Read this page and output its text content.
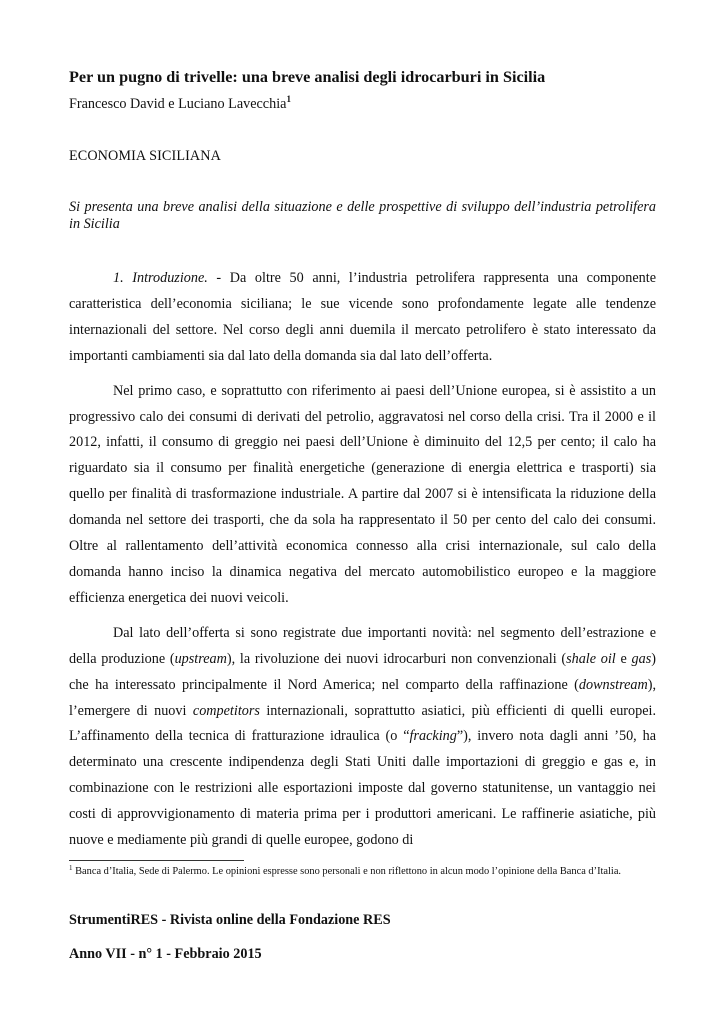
Per un pugno di trivelle: una breve analisi degli idrocarburi in Sicilia
Francesco David e Luciano Lavecchia$^1$
ECONOMIA SICILIANA

Si presenta una breve analisi della situazione e delle prospettive di sviluppo dell’industria petrolifera in Sicilia

1. Introduzione. - Da oltre 50 anni, l’industria petrolifera rappresenta una componente caratteristica dell’economia siciliana; le sue vicende sono profondamente legate alle tendenze internazionali del settore. Nel corso degli anni duemila il mercato petrolifero è stato interessato da importanti cambiamenti sia dal lato della domanda sia dal lato dell’offerta.

Nel primo caso, e soprattutto con riferimento ai paesi dell’Unione europea, si è assistito a un progressivo calo dei consumi di derivati del petrolio, aggravatosi nel corso della crisi. Tra il 2000 e il 2012, infatti, il consumo di greggio nei paesi dell’Unione è diminuito del 12,5 per cento; il calo ha riguardato sia il consumo per finalità energetiche (generazione di energia elettrica e trasporti) sia quello per finalità di trasformazione industriale. A partire dal 2007 si è intensificata la riduzione della domanda nel settore dei trasporti, che da sola ha rappresentato il 50 per cento del calo dei consumi. Oltre al rallentamento dell’attività economica connesso alla crisi internazionale, sul calo della domanda hanno inciso la dinamica negativa del mercato automobilistico europeo e la maggiore efficienza energetica dei nuovi veicoli.

Dal lato dell’offerta si sono registrate due importanti novità: nel segmento dell’estrazione e della produzione (upstream), la rivoluzione dei nuovi idrocarburi non convenzionali (shale oil e gas) che ha interessato principalmente il Nord America; nel comparto della raffinazione (downstream), l’emergere di nuovi competitors internazionali, soprattutto asiatici, più efficienti di quelli europei. L’affinamento della tecnica di fratturazione idraulica (o “fracking”), invero nota dagli anni ’50, ha determinato una crescente indipendenza degli Stati Uniti dalle importazioni di greggio e gas e, in combinazione con le restrizioni alle esportazioni imposte dal governo statunitense, un vantaggio nei costi di approvvigionamento di materia prima per i produttori americani. Le raffinerie asiatiche, più nuove e mediamente più grandi di quelle europee, godono di

$^1$ Banca d’Italia, Sede di Palermo. Le opinioni espresse sono personali e non riflettono in alcun modo l’opinione della Banca d’Italia.

StrumentiRES - Rivista online della Fondazione RES
Anno VII - n° 1 - Febbraio 2015
